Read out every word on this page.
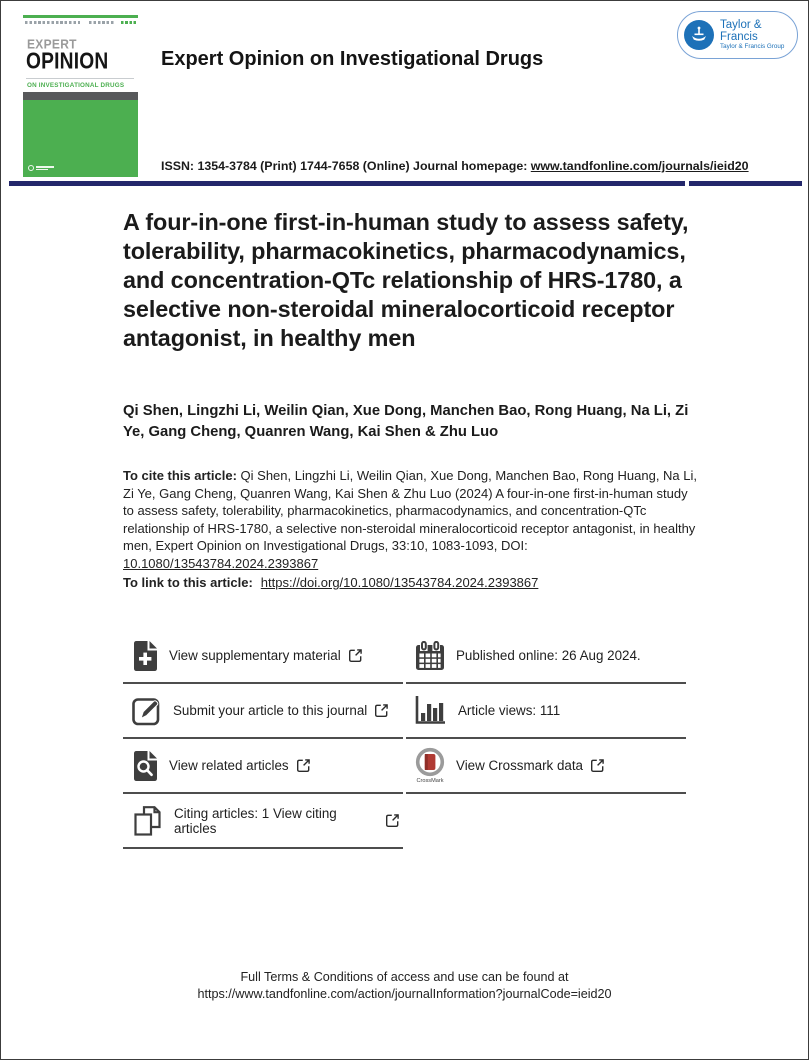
EXPERT
OPINION
ON INVESTIGATIONAL DRUGS
Taylor & Francis
Taylor & Francis Group
Expert Opinion on Investigational Drugs
ISSN: 1354-3784 (Print) 1744-7658 (Online) Journal homepage: www.tandfonline.com/journals/ieid20
A four-in-one first-in-human study to assess safety, tolerability, pharmacokinetics, pharmacodynamics, and concentration-QTc relationship of HRS-1780, a selective non-steroidal mineralocorticoid receptor antagonist, in healthy men
Qi Shen, Lingzhi Li, Weilin Qian, Xue Dong, Manchen Bao, Rong Huang, Na Li, Zi Ye, Gang Cheng, Quanren Wang, Kai Shen & Zhu Luo
To cite this article: Qi Shen, Lingzhi Li, Weilin Qian, Xue Dong, Manchen Bao, Rong Huang, Na Li, Zi Ye, Gang Cheng, Quanren Wang, Kai Shen & Zhu Luo (2024) A four-in-one first-in-human study to assess safety, tolerability, pharmacokinetics, pharmacodynamics, and concentration-QTc relationship of HRS-1780, a selective non-steroidal mineralocorticoid receptor antagonist, in healthy men, Expert Opinion on Investigational Drugs, 33:10, 1083-1093, DOI: 10.1080/13543784.2024.2393867
To link to this article: https://doi.org/10.1080/13543784.2024.2393867
View supplementary material
Submit your article to this journal
View related articles
Citing articles: 1 View citing articles
Published online: 26 Aug 2024.
Article views: 111
CrossMark
View Crossmark data
Full Terms & Conditions of access and use can be found at
https://www.tandfonline.com/action/journalInformation?journalCode=ieid20
